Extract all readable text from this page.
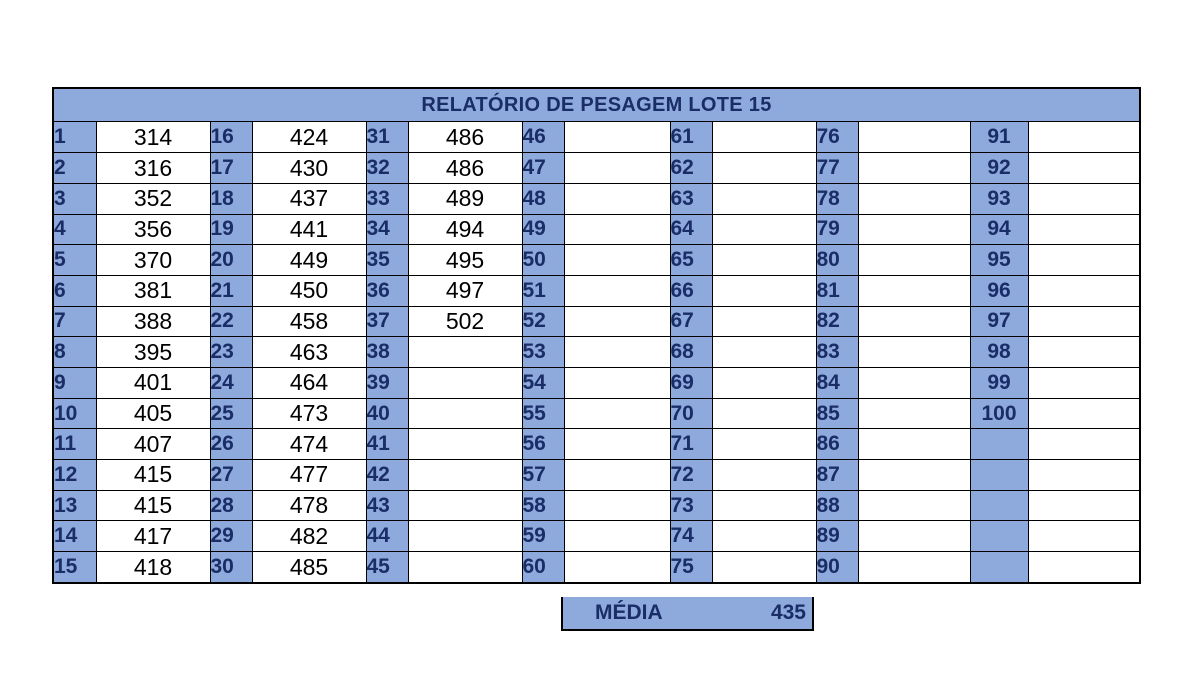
RELATÓRIO DE PESAGEM LOTE 15
1	314	16	424	31	486	46		61		76		91	
2	316	17	430	32	486	47		62		77		92	
3	352	18	437	33	489	48		63		78		93	
4	356	19	441	34	494	49		64		79		94	
5	370	20	449	35	495	50		65		80		95	
6	381	21	450	36	497	51		66		81		96	
7	388	22	458	37	502	52		67		82		97	
8	395	23	463	38		53		68		83		98	
9	401	24	464	39		54		69		84		99	
10	405	25	473	40		55		70		85		100	
11	407	26	474	41		56		71		86			
12	415	27	477	42		57		72		87			
13	415	28	478	43		58		73		88			
14	417	29	482	44		59		74		89			
15	418	30	485	45		60		75		90			
MÉDIA	435
